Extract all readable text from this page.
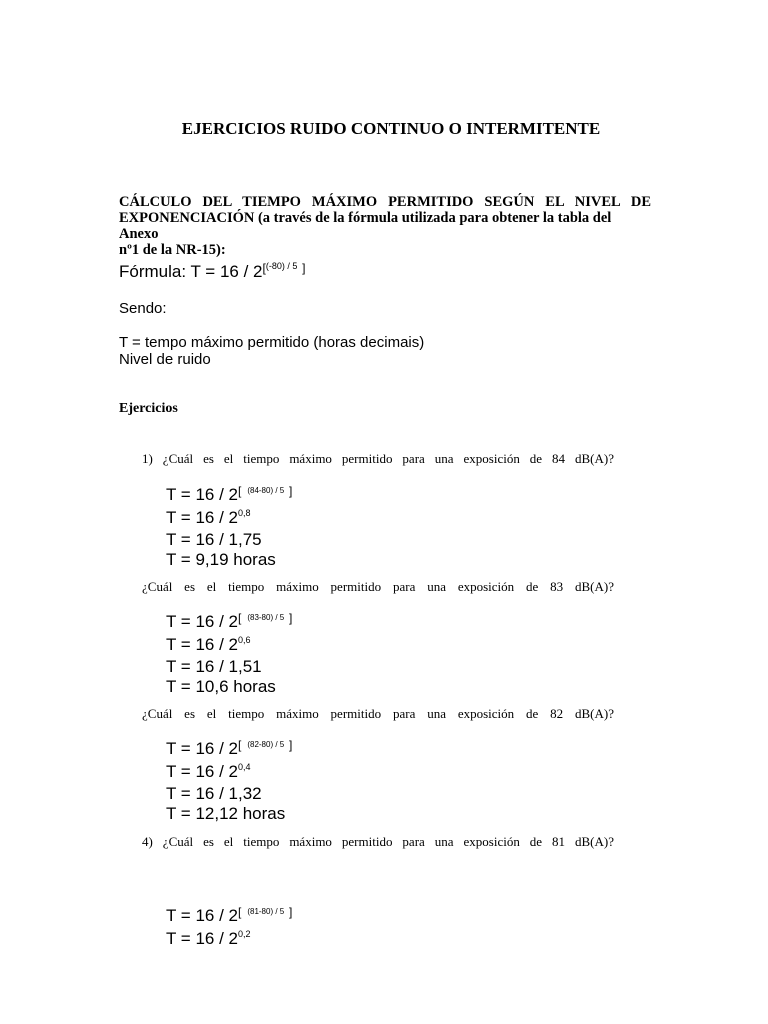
EJERCICIOS RUIDO CONTINUO O INTERMITENTE
CÁLCULO DEL TIEMPO MÁXIMO PERMITIDO SEGÚN EL NIVEL DE
EXPONENCIACIÓN (a través de la fórmula utilizada para obtener la tabla del Anexo
nº1 de la NR-15):
Fórmula: $T = 16 / 2^{[(-80) / 5}$ ]
Sendo:
T = tempo máximo permitido (horas decimais)
Nivel de ruido
Ejercicios
1) ¿Cuál es el tiempo máximo permitido para una exposición de 84 dB(A)?
T = 16 / 2[ $^{(84-80) / 5}$ ]
T = 16 / 2$^{0,8}$
T = 16 / 1,75
T = 9,19 horas
¿Cuál es el tiempo máximo permitido para una exposición de 83 dB(A)?
T = 16 / 2[ $^{(83-80) / 5}$ ]
T = 16 / 2$^{0,6}$
T = 16 / 1,51
T = 10,6 horas
¿Cuál es el tiempo máximo permitido para una exposición de 82 dB(A)?
T = 16 / 2[ $^{(82-80) / 5}$ ]
T = 16 / 2$^{0,4}$
T = 16 / 1,32
T = 12,12 horas
4) ¿Cuál es el tiempo máximo permitido para una exposición de 81 dB(A)?
T = 16 / 2[ $^{(81-80) / 5}$ ]
T = 16 / 2$^{0,2}$
